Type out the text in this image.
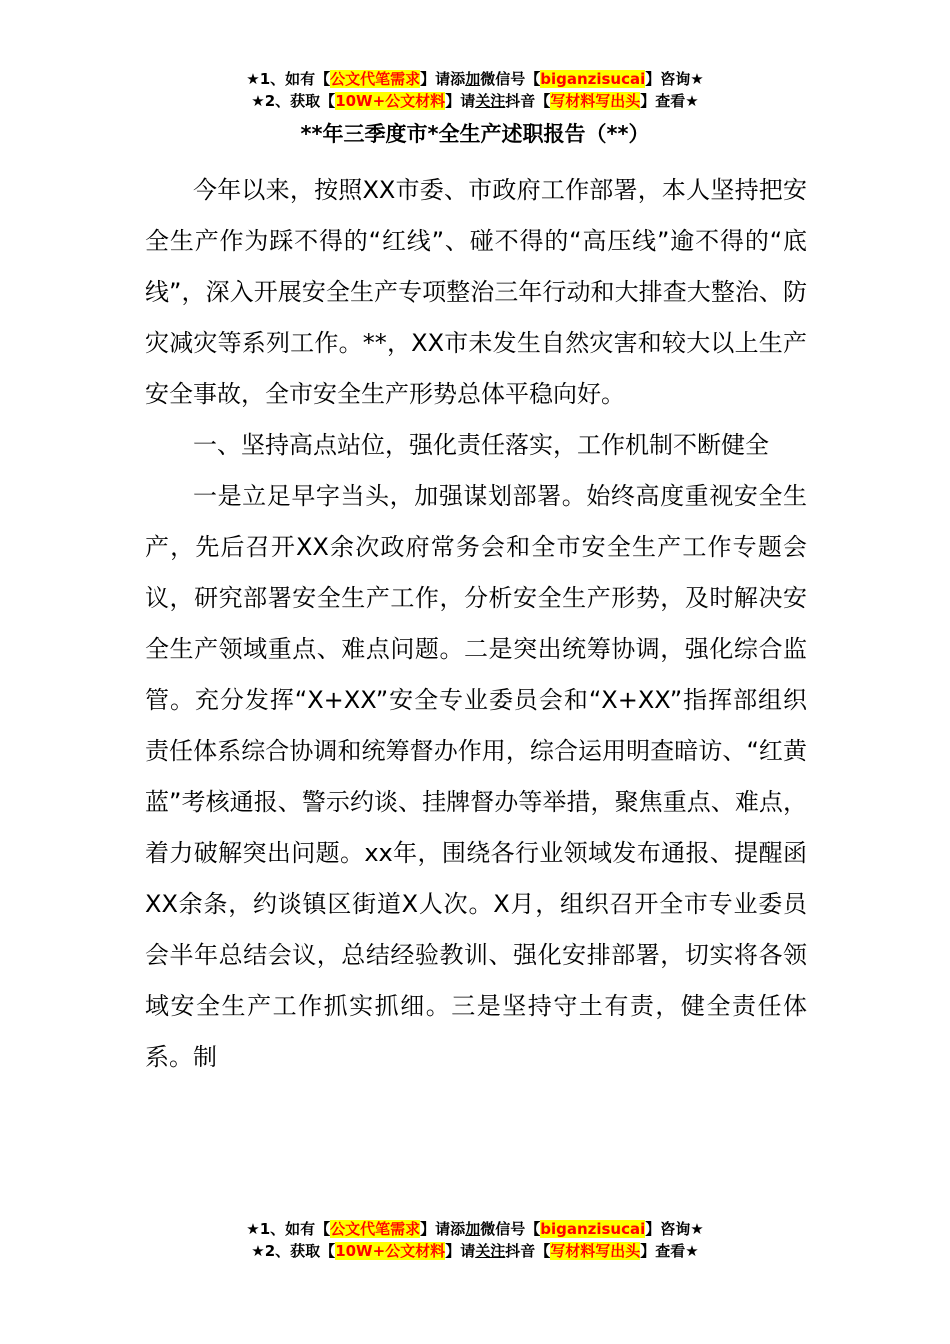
★1、如有【公文代笔需求】请添加微信号【biganzisucai】咨询★
★2、获取【10W+公文材料】请关注抖音【写材料写出头】查看★
**年三季度市*全生产述职报告（**）

今年以来，按照XX市委、市政府工作部署，本人坚持把安全生产作为踩不得的“红线”、碰不得的“高压线”逾不得的“底线”，深入开展安全生产专项整治三年行动和大排查大整治、防灾减灾等系列工作。**，XX市未发生自然灾害和较大以上生产安全事故，全市安全生产形势总体平稳向好。

一、坚持高点站位，强化责任落实，工作机制不断健全

一是立足早字当头，加强谋划部署。始终高度重视安全生产，先后召开XX余次政府常务会和全市安全生产工作专题会议，研究部署安全生产工作，分析安全生产形势，及时解决安全生产领域重点、难点问题。二是突出统筹协调，强化综合监管。充分发挥“X+XX”安全专业委员会和“X+XX”指挥部组织责任体系综合协调和统筹督办作用，综合运用明查暗访、“红黄蓝”考核通报、警示约谈、挂牌督办等举措，聚焦重点、难点，着力破解突出问题。xx年，围绕各行业领域发布通报、提醒函XX余条，约谈镇区街道X人次。X月，组织召开全市专业委员会半年总结会议，总结经验教训、强化安排部署，切实将各领域安全生产工作抓实抓细。三是坚持守土有责，健全责任体系。制

★1、如有【公文代笔需求】请添加微信号【biganzisucai】咨询★
★2、获取【10W+公文材料】请关注抖音【写材料写出头】查看★
